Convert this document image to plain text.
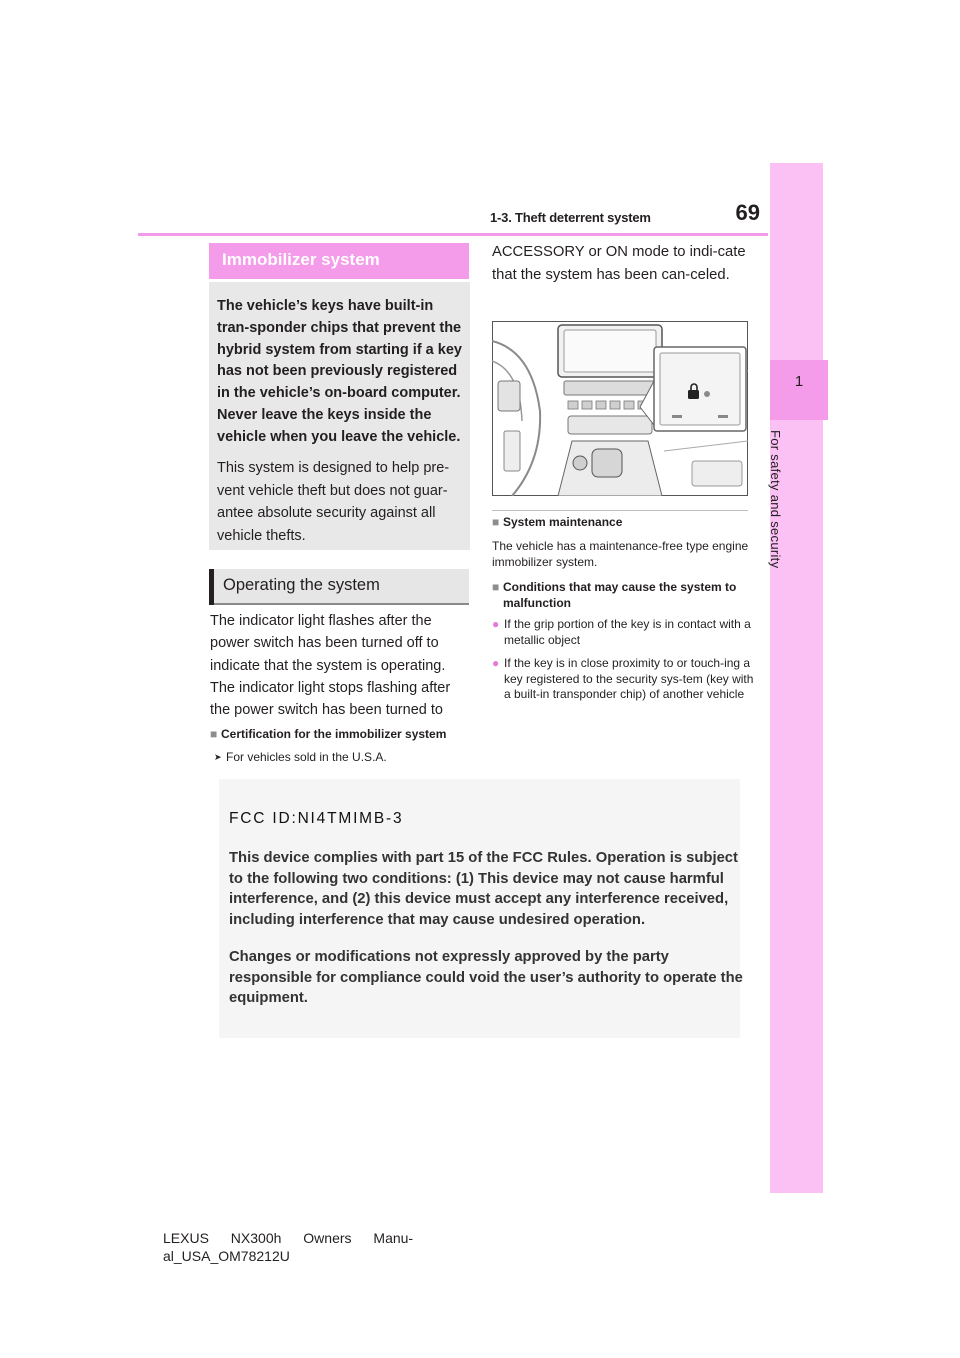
1-3. Theft deterrent system	69
1
For safety and security
Immobilizer system
The vehicle’s keys have built-in tran-sponder chips that prevent the hybrid system from starting if a key has not been previously registered in the vehicle’s on-board computer. Never leave the keys inside the vehicle when you leave the vehicle.
This system is designed to help pre-vent vehicle theft but does not guar-antee absolute security against all vehicle thefts.
Operating the system
The indicator light flashes after the power switch has been turned off to indicate that the system is operating. The indicator light stops flashing after the power switch has been turned to
■ Certification for the immobilizer system
➤ For vehicles sold in the U.S.A.
ACCESSORY or ON mode to indi-cate that the system has been can-celed.
■ System maintenance
The vehicle has a maintenance-free type engine immobilizer system.
■ Conditions that may cause the system to malfunction
● If the grip portion of the key is in contact with a metallic object
● If the key is in close proximity to or touch-ing a key registered to the security sys-tem (key with a built-in transponder chip) of another vehicle
FCC ID:NI4TMIMB-3
This device complies with part 15 of the FCC Rules. Operation is subject to the following two conditions: (1) This device may not cause harmful interference, and (2) this device must accept any interference received, including interference that may cause undesired operation.
Changes or modifications not expressly approved by the party responsible for compliance could void the user’s authority to operate the equipment.
LEXUS NX300h Owners Manu-
al_USA_OM78212U
